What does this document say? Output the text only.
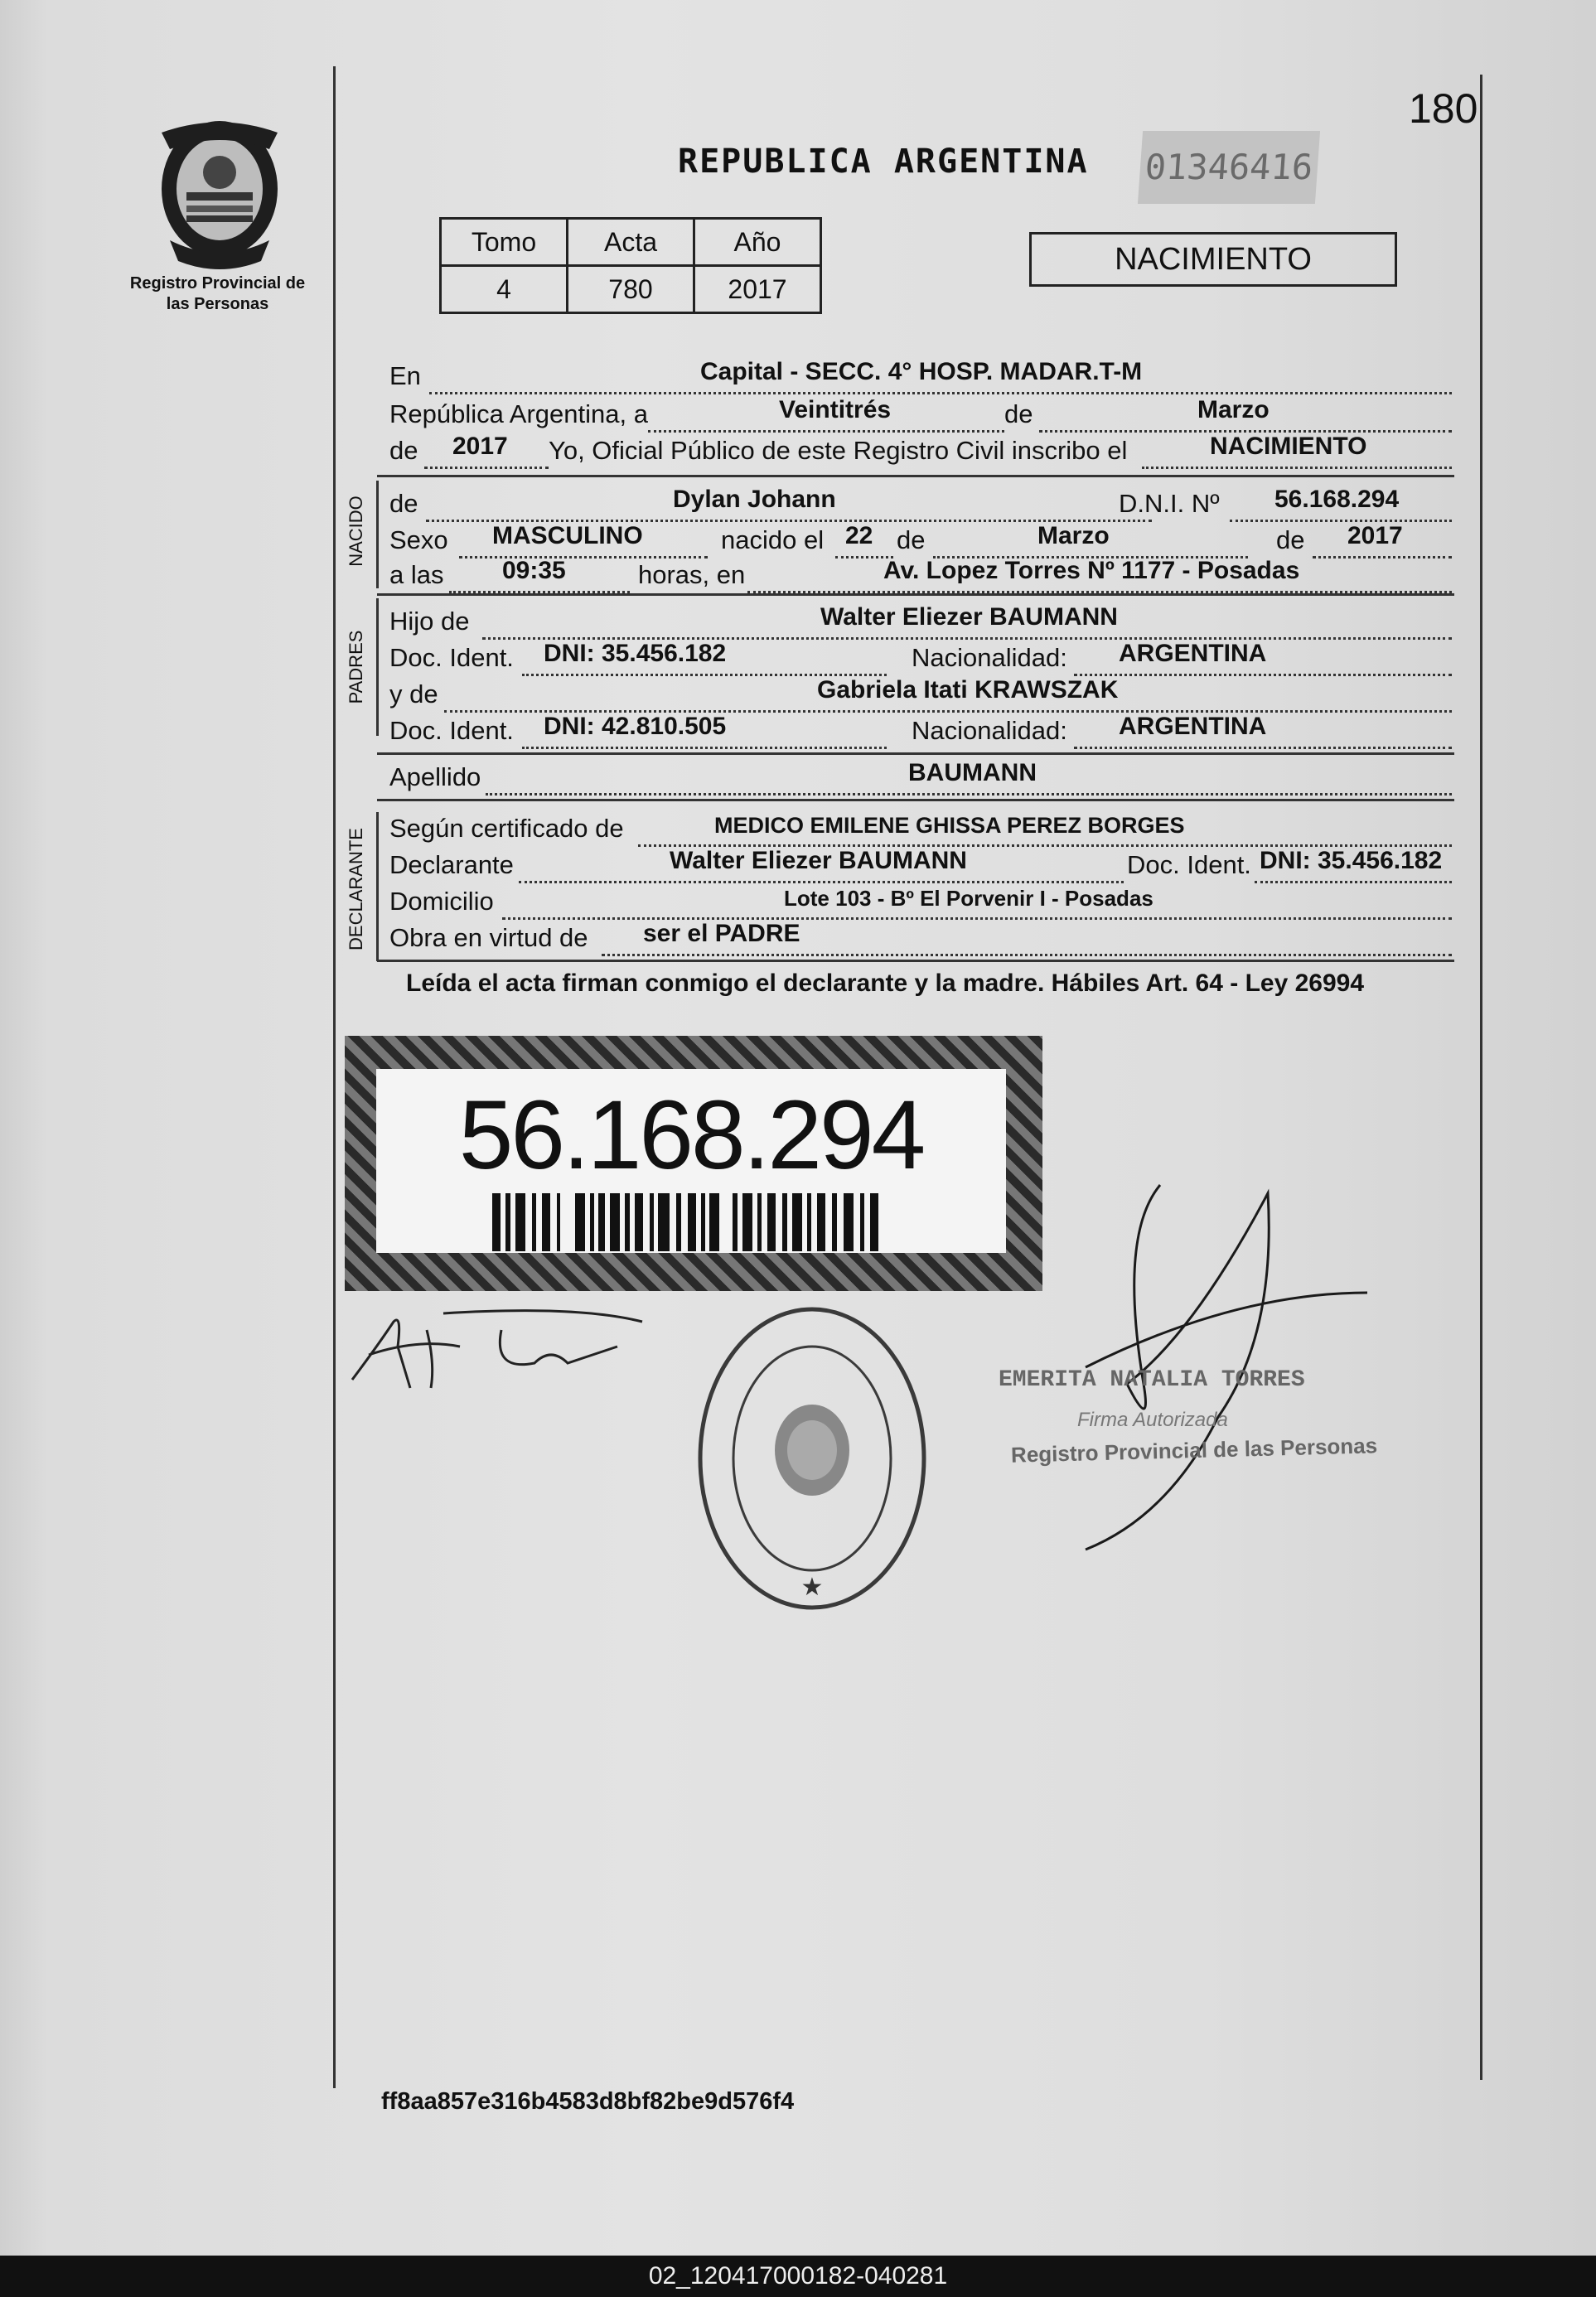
Registro Provincial de las Personas
REPUBLICA ARGENTINA 01346416
180
Tomo	Acta	Año
4	780	2017
NACIMIENTO
En	Capital - SECC. 4° HOSP. MADAR.T-M
República Argentina, a	Veintitrés	de	Marzo
de 2017 Yo, Oficial Público de este Registro Civil inscribo el	NACIMIENTO
NACIDO de	Dylan Johann	D.N.I. Nº 56.168.294
Sexo MASCULINO	nacido el 22 de	Marzo	de 2017
a las 09:35	horas, en	Av. Lopez Torres Nº 1177 - Posadas
PADRES
Hijo de	Walter Eliezer BAUMANN
Doc. Ident. DNI: 35.456.182	Nacionalidad: ARGENTINA
y de	Gabriela Itati KRAWSZAK
Doc. Ident. DNI: 42.810.505	Nacionalidad: ARGENTINA
Apellido	BAUMANN
DECLARANTE Según certificado de	MEDICO EMILENE GHISSA PEREZ BORGES
Declarante	Walter Eliezer BAUMANN	Doc. Ident. DNI: 35.456.182
Domicilio	Lote 103 - Bº El Porvenir I - Posadas
Obra en virtud de ser el PADRE
Leída el acta firman conmigo el declarante y la madre. Hábiles Art. 64 - Ley 26994
56.168.294
★
EMERITA NATALIA TORRES
Firma Autorizada
Registro Provincial de las Personas
ff8aa857e316b4583d8bf82be9d576f4
02_120417000182-040281
